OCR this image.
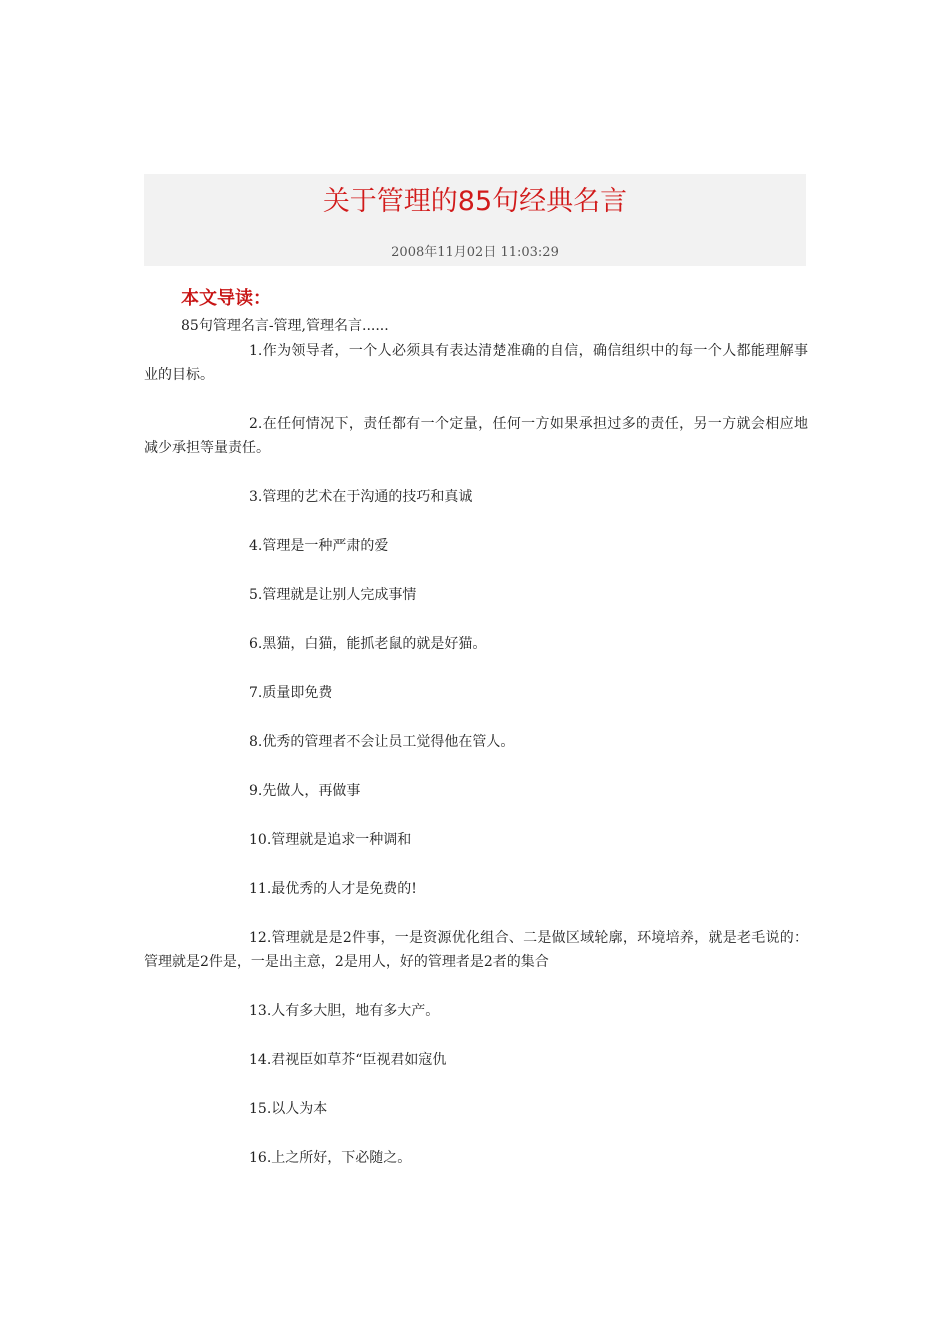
关于管理的85句经典名言
2008年11月02日 11:03:29
本文导读：
85句管理名言-管理,管理名言......
1.作为领导者，一个人必须具有表达清楚准确的自信，确信组织中的每一个人都能理解事业的目标。
2.在任何情况下，责任都有一个定量，任何一方如果承担过多的责任，另一方就会相应地减少承担等量责任。
3.管理的艺术在于沟通的技巧和真诚
4.管理是一种严肃的爱
5.管理就是让别人完成事情
6.黑猫，白猫，能抓老鼠的就是好猫。
7.质量即免费
8.优秀的管理者不会让员工觉得他在管人。
9.先做人，再做事
10.管理就是追求一种调和
11.最优秀的人才是免费的!
12.管理就是是2件事，一是资源优化组合、二是做区域轮廓，环境培养，就是老毛说的：管理就是2件是，一是出主意，2是用人，好的管理者是2者的集合
13.人有多大胆，地有多大产。
14.君视臣如草芥“臣视君如寇仇
15.以人为本
16.上之所好，下必随之。
